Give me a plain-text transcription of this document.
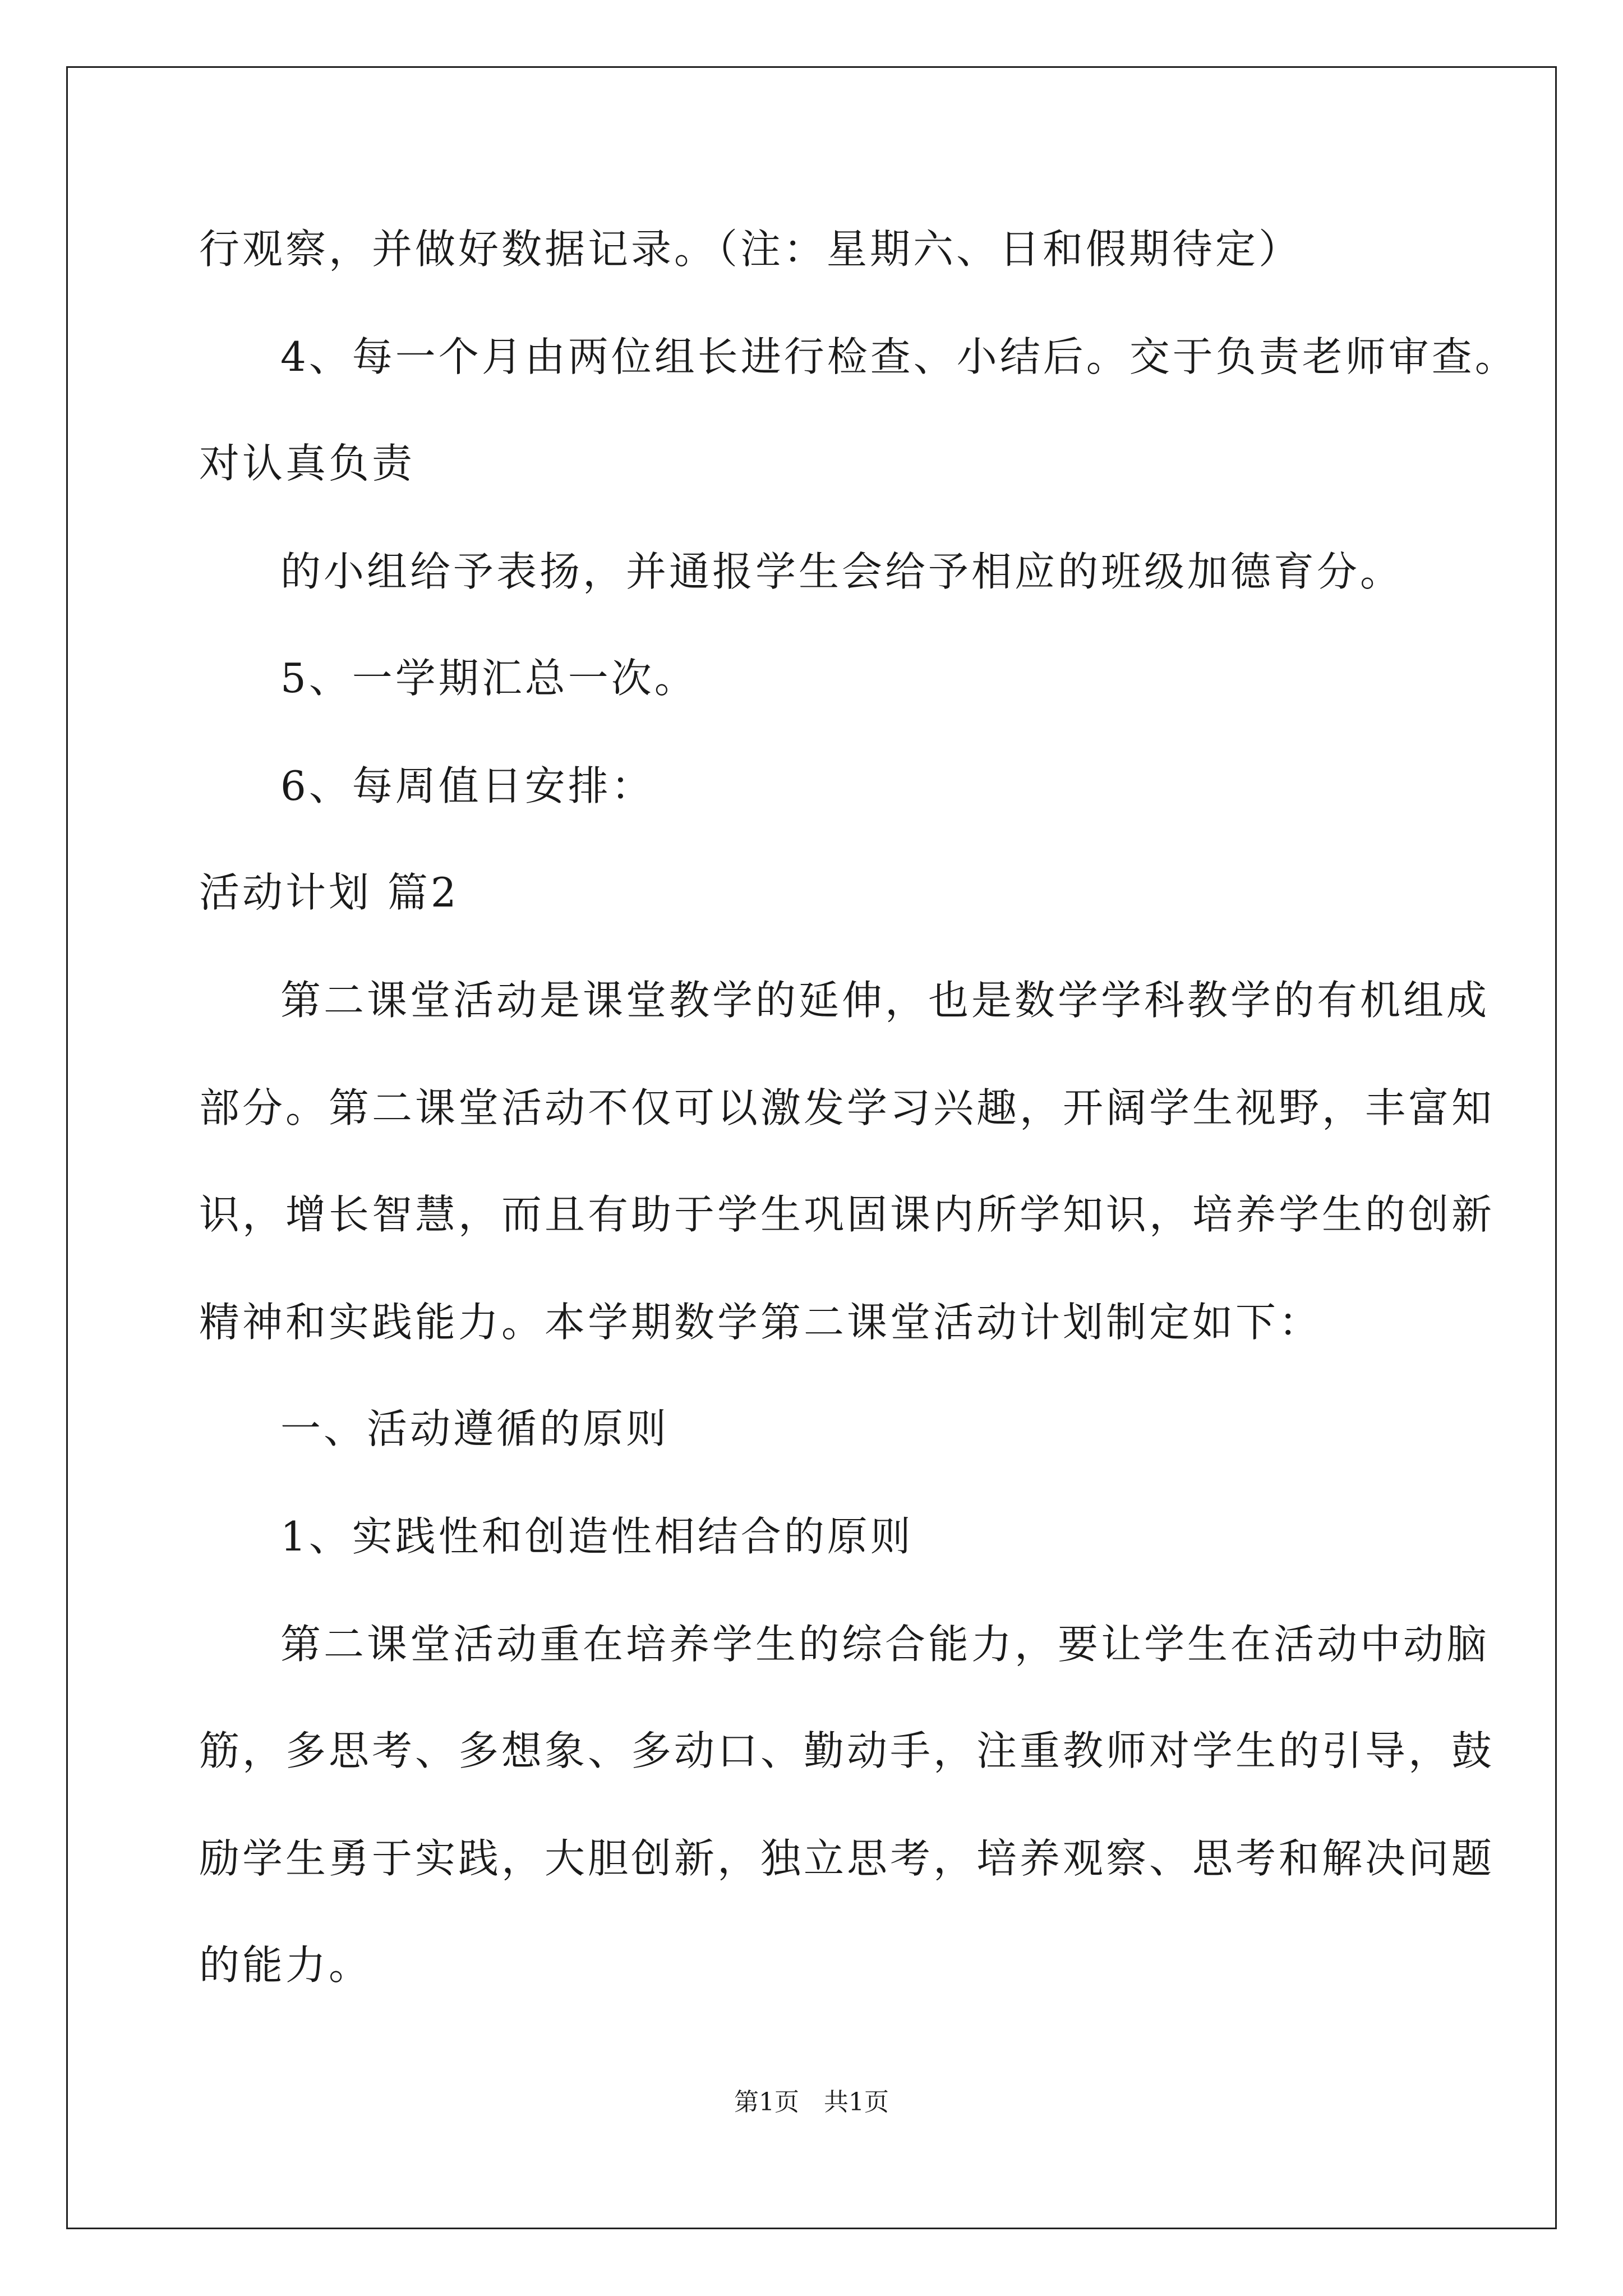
行观察，并做好数据记录。（注：星期六、日和假期待定）
4、每一个月由两位组长进行检查、小结后。交于负责老师审查。
对认真负责
的小组给予表扬，并通报学生会给予相应的班级加德育分。
5、一学期汇总一次。
6、每周值日安排：
活动计划 篇2
第二课堂活动是课堂教学的延伸，也是数学学科教学的有机组成
部分。第二课堂活动不仅可以激发学习兴趣，开阔学生视野，丰富知
识，增长智慧，而且有助于学生巩固课内所学知识，培养学生的创新
精神和实践能力。本学期数学第二课堂活动计划制定如下：
一、活动遵循的原则
1、实践性和创造性相结合的原则
第二课堂活动重在培养学生的综合能力，要让学生在活动中动脑
筋，多思考、多想象、多动口、勤动手，注重教师对学生的引导，鼓
励学生勇于实践，大胆创新，独立思考，培养观察、思考和解决问题
的能力。
第1页　共1页
